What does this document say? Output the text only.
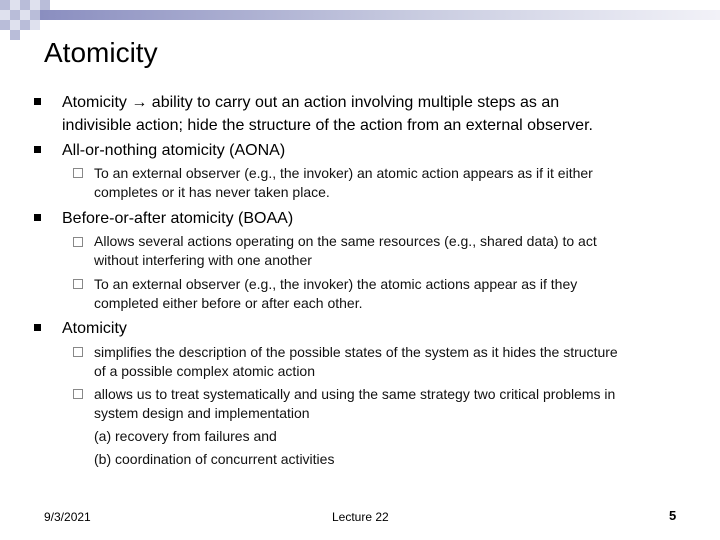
Atomicity
Atomicity → ability to carry out an action involving multiple steps as an
indivisible action; hide the structure of the action from an external observer.
All-or-nothing atomicity (AONA)
To an external observer (e.g., the invoker) an atomic action appears as if it either
completes or it has never taken place.
Before-or-after atomicity (BOAA)
Allows several actions operating on the same resources (e.g., shared data) to act
without interfering with one another
To an external observer (e.g., the invoker) the atomic actions appear as if they
completed either before or after each other.
Atomicity
simplifies the description of the possible states of the system as it hides the structure
of a possible complex atomic action
allows us to treat systematically and using the same strategy two critical problems in
system design and implementation
(a) recovery from failures and
(b) coordination of concurrent activities
9/3/2021	Lecture 22	5
